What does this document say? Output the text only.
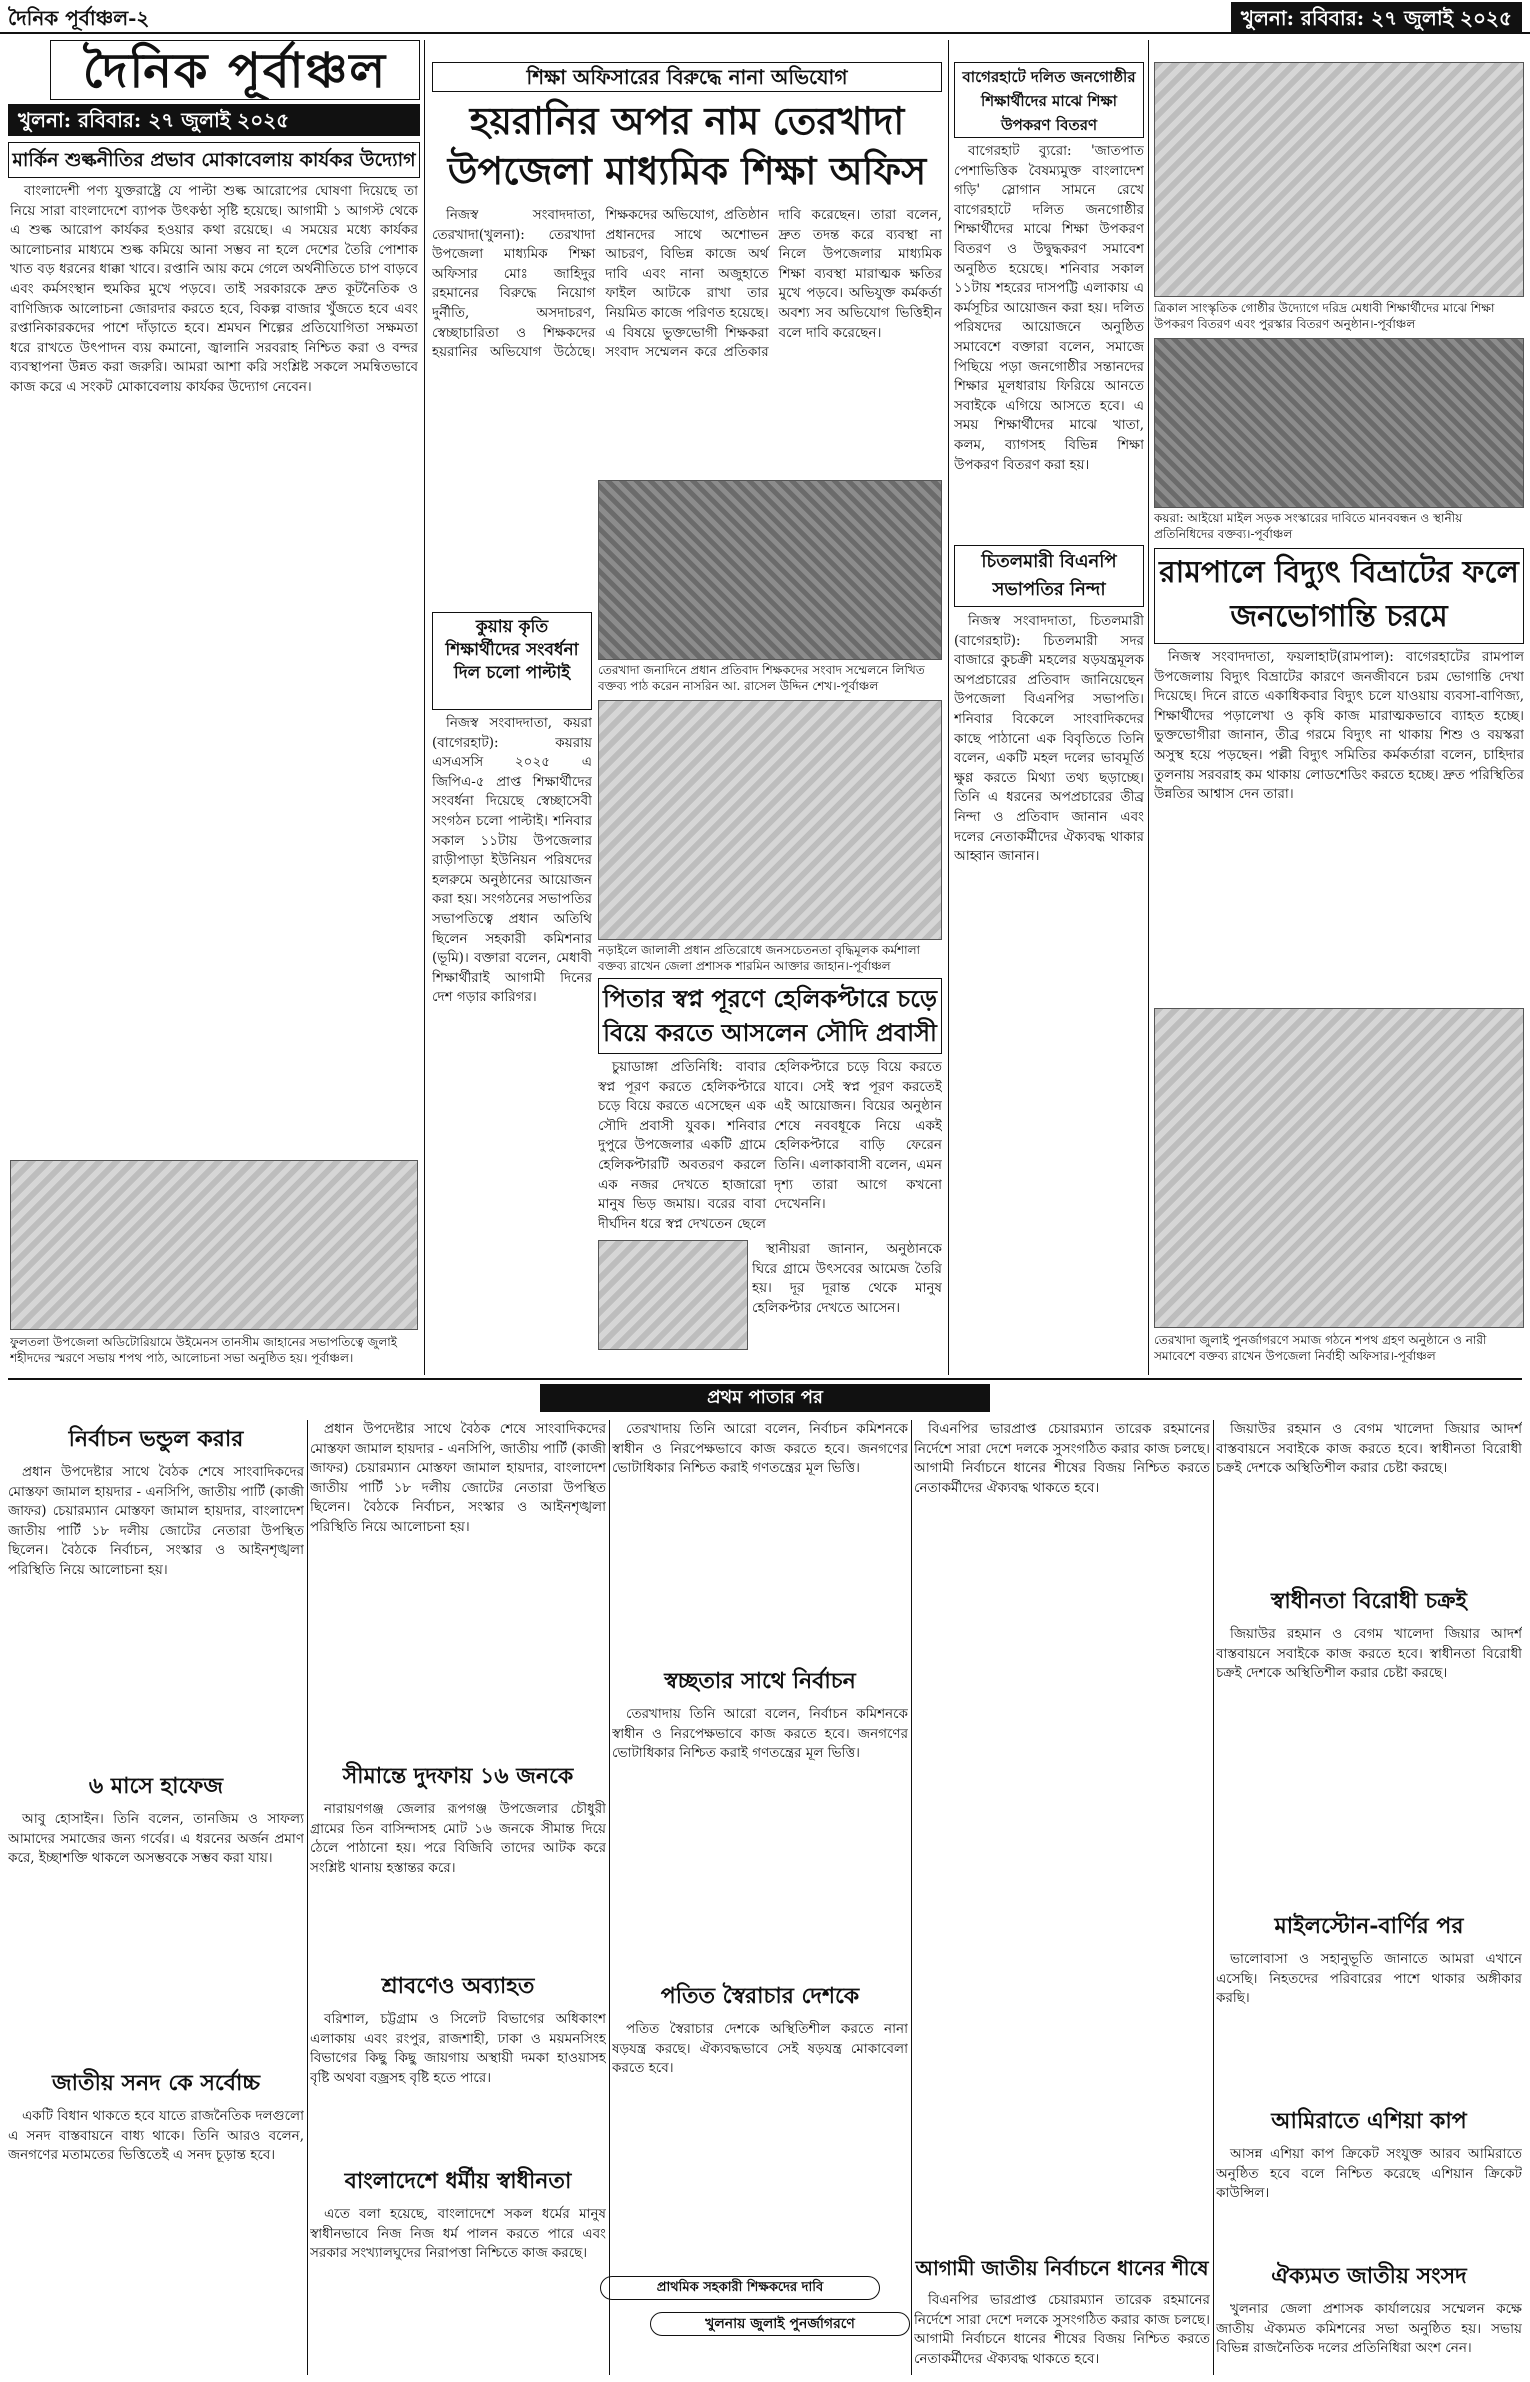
দৈনিক পূর্বাঞ্চল-২	খুলনা: রবিবার: ২৭ জুলাই ২০২৫
দৈনিক পূর্বাঞ্চল
খুলনা: রবিবার: ২৭ জুলাই ২০২৫
মার্কিন শুল্কনীতির প্রভাব মোকাবেলায় কার্যকর উদ্যোগ

বাংলাদেশী পণ্য যুক্তরাষ্ট্রে যে পাল্টা শুল্ক আরোপের ঘোষণা দিয়েছে তা নিয়ে সারা বাংলাদেশে ব্যাপক উৎকণ্ঠা সৃষ্টি হয়েছে। আগামী ১ আগস্ট থেকে এ শুল্ক আরোপ কার্যকর হওয়ার কথা রয়েছে। এ সময়ের মধ্যে কার্যকর আলোচনার মাধ্যমে শুল্ক কমিয়ে আনা সম্ভব না হলে দেশের তৈরি পোশাক খাত বড় ধরনের ধাক্কা খাবে। রপ্তানি আয় কমে গেলে অর্থনীতিতে চাপ বাড়বে এবং কর্মসংস্থান হুমকির মুখে পড়বে। তাই সরকারকে দ্রুত কূটনৈতিক ও বাণিজ্যিক আলোচনা জোরদার করতে হবে, বিকল্প বাজার খুঁজতে হবে এবং রপ্তানিকারকদের পাশে দাঁড়াতে হবে। শ্রমঘন শিল্পের প্রতিযোগিতা সক্ষমতা ধরে রাখতে উৎপাদন ব্যয় কমানো, জ্বালানি সরবরাহ নিশ্চিত করা ও বন্দর ব্যবস্থাপনা উন্নত করা জরুরি। আমরা আশা করি সংশ্লিষ্ট সকলে সমন্বিতভাবে কাজ করে এ সংকট মোকাবেলায় কার্যকর উদ্যোগ নেবেন।

ফুলতলা উপজেলা অডিটোরিয়ামে উইমেনস তানসীম জাহানের সভাপতিত্বে জুলাই শহীদদের স্মরণে সভায় শপথ পাঠ, আলোচনা সভা অনুষ্ঠিত হয়। পূর্বাঞ্চল।
শিক্ষা অফিসারের বিরুদ্ধে নানা অভিযোগ
হয়রানির অপর নাম তেরখাদা উপজেলা মাধ্যমিক শিক্ষা অফিস

নিজস্ব সংবাদদাতা, তেরখাদা(খুলনা): তেরখাদা উপজেলা মাধ্যমিক শিক্ষা অফিসার মোঃ জাহিদুর রহমানের বিরুদ্ধে নিয়োগ দুর্নীতি, অসদাচরণ, স্বেচ্ছাচারিতা ও শিক্ষকদের হয়রানির অভিযোগ উঠেছে। শিক্ষকদের অভিযোগ, প্রতিষ্ঠান প্রধানদের সাথে অশোভন আচরণ, বিভিন্ন কাজে অর্থ দাবি এবং নানা অজুহাতে ফাইল আটকে রাখা তার নিয়মিত কাজে পরিণত হয়েছে। এ বিষয়ে ভুক্তভোগী শিক্ষকরা সংবাদ সম্মেলন করে প্রতিকার দাবি করেছেন। তারা বলেন, দ্রুত তদন্ত করে ব্যবস্থা না নিলে উপজেলার মাধ্যমিক শিক্ষা ব্যবস্থা মারাত্মক ক্ষতির মুখে পড়বে। অভিযুক্ত কর্মকর্তা অবশ্য সব অভিযোগ ভিত্তিহীন বলে দাবি করেছেন।

তেরখাদা জনাদিনে প্রধান প্রতিবাদ শিক্ষকদের সংবাদ সম্মেলনে লিখিত বক্তব্য পাঠ করেন নাসরিন আ. রাসেল উদ্দিন শেখ।-পূর্বাঞ্চল
কুয়ায় কৃতি শিক্ষার্থীদের সংবর্ধনা দিল চলো পাল্টাই

নিজস্ব সংবাদদাতা, কয়রা (বাগেরহাট): কয়রায় এসএসসি ২০২৫ এ জিপিএ-৫ প্রাপ্ত শিক্ষার্থীদের সংবর্ধনা দিয়েছে স্বেচ্ছাসেবী সংগঠন চলো পাল্টাই। শনিবার সকাল ১১টায় উপজেলার রাড়ীপাড়া ইউনিয়ন পরিষদের হলরুমে অনুষ্ঠানের আয়োজন করা হয়। সংগঠনের সভাপতির সভাপতিত্বে প্রধান অতিথি ছিলেন সহকারী কমিশনার (ভূমি)। বক্তারা বলেন, মেধাবী শিক্ষার্থীরাই আগামী দিনের দেশ গড়ার কারিগর।

নড়াইলে জালালী প্রধান প্রতিরোধে জনসচেতনতা বৃদ্ধিমূলক কর্মশালা বক্তব্য রাখেন জেলা প্রশাসক শারমিন আক্তার জাহান।-পূর্বাঞ্চল
পিতার স্বপ্ন পূরণে হেলিকপ্টারে চড়ে বিয়ে করতে আসলেন সৌদি প্রবাসী

চুয়াডাঙ্গা প্রতিনিধি: বাবার স্বপ্ন পূরণ করতে হেলিকপ্টারে চড়ে বিয়ে করতে এসেছেন এক সৌদি প্রবাসী যুবক। শনিবার দুপুরে উপজেলার একটি গ্রামে হেলিকপ্টারটি অবতরণ করলে এক নজর দেখতে হাজারো মানুষ ভিড় জমায়। বরের বাবা দীর্ঘদিন ধরে স্বপ্ন দেখতেন ছেলে হেলিকপ্টারে চড়ে বিয়ে করতে যাবে। সেই স্বপ্ন পূরণ করতেই এই আয়োজন। বিয়ের অনুষ্ঠান শেষে নববধূকে নিয়ে একই হেলিকপ্টারে বাড়ি ফেরেন তিনি। এলাকাবাসী বলেন, এমন দৃশ্য তারা আগে কখনো দেখেননি।

স্থানীয়রা জানান, অনুষ্ঠানকে ঘিরে গ্রামে উৎসবের আমেজ তৈরি হয়। দূর দূরান্ত থেকে মানুষ হেলিকপ্টার দেখতে আসেন।

বাগেরহাটে দলিত জনগোষ্ঠীর শিক্ষার্থীদের মাঝে শিক্ষা উপকরণ বিতরণ

বাগেরহাট ব্যুরো: 'জাতপাত পেশাভিত্তিক বৈষম্যমুক্ত বাংলাদেশ গড়ি' স্লোগান সামনে রেখে বাগেরহাটে দলিত জনগোষ্ঠীর শিক্ষার্থীদের মাঝে শিক্ষা উপকরণ বিতরণ ও উদ্বুদ্ধকরণ সমাবেশ অনুষ্ঠিত হয়েছে। শনিবার সকাল ১১টায় শহরের দাসপট্টি এলাকায় এ কর্মসূচির আয়োজন করা হয়। দলিত পরিষদের আয়োজনে অনুষ্ঠিত সমাবেশে বক্তারা বলেন, সমাজে পিছিয়ে পড়া জনগোষ্ঠীর সন্তানদের শিক্ষার মূলধারায় ফিরিয়ে আনতে সবাইকে এগিয়ে আসতে হবে। এ সময় শিক্ষার্থীদের মাঝে খাতা, কলম, ব্যাগসহ বিভিন্ন শিক্ষা উপকরণ বিতরণ করা হয়।

চিতলমারী বিএনপি সভাপতির নিন্দা

নিজস্ব সংবাদদাতা, চিতলমারী (বাগেরহাট): চিতলমারী সদর বাজারে কুচক্রী মহলের ষড়যন্ত্রমূলক অপপ্রচারের প্রতিবাদ জানিয়েছেন উপজেলা বিএনপির সভাপতি। শনিবার বিকেলে সাংবাদিকদের কাছে পাঠানো এক বিবৃতিতে তিনি বলেন, একটি মহল দলের ভাবমূর্তি ক্ষুণ্ণ করতে মিথ্যা তথ্য ছড়াচ্ছে। তিনি এ ধরনের অপপ্রচারের তীব্র নিন্দা ও প্রতিবাদ জানান এবং দলের নেতাকর্মীদের ঐক্যবদ্ধ থাকার আহ্বান জানান।

ত্রিকাল সাংস্কৃতিক গোষ্ঠীর উদ্যোগে দরিদ্র মেধাবী শিক্ষার্থীদের মাঝে শিক্ষা উপকরণ বিতরণ এবং পুরস্কার বিতরণ অনুষ্ঠান।-পূর্বাঞ্চল
কয়রা: আইয়ো মাইল সড়ক সংস্কারের দাবিতে মানববন্ধন ও স্থানীয় প্রতিনিধিদের বক্তব্য।-পূর্বাঞ্চল
রামপালে বিদ্যুৎ বিভ্রাটের ফলে জনভোগান্তি চরমে

নিজস্ব সংবাদদাতা, ফয়লাহাট(রামপাল): বাগেরহাটের রামপাল উপজেলায় বিদ্যুৎ বিভ্রাটের কারণে জনজীবনে চরম ভোগান্তি দেখা দিয়েছে। দিনে রাতে একাধিকবার বিদ্যুৎ চলে যাওয়ায় ব্যবসা-বাণিজ্য, শিক্ষার্থীদের পড়ালেখা ও কৃষি কাজ মারাত্মকভাবে ব্যাহত হচ্ছে। ভুক্তভোগীরা জানান, তীব্র গরমে বিদ্যুৎ না থাকায় শিশু ও বয়স্করা অসুস্থ হয়ে পড়ছেন। পল্লী বিদ্যুৎ সমিতির কর্মকর্তারা বলেন, চাহিদার তুলনায় সরবরাহ কম থাকায় লোডশেডিং করতে হচ্ছে। দ্রুত পরিস্থিতির উন্নতির আশ্বাস দেন তারা।

তেরখাদা জুলাই পুনর্জাগরণে সমাজ গঠনে শপথ গ্রহণ অনুষ্ঠানে ও নারী সমাবেশে বক্তব্য রাখেন উপজেলা নির্বাহী অফিসার।-পূর্বাঞ্চল
প্রথম পাতার পর
নির্বাচন ভন্ডুল করার

প্রধান উপদেষ্টার সাথে বৈঠক শেষে সাংবাদিকদের মোস্তফা জামাল হায়দার - এনসিপি, জাতীয় পার্টি (কাজী জাফর) চেয়ারম্যান মোস্তফা জামাল হায়দার, বাংলাদেশ জাতীয় পার্টি ১৮ দলীয় জোটের নেতারা উপস্থিত ছিলেন। বৈঠকে নির্বাচন, সংস্কার ও আইনশৃঙ্খলা পরিস্থিতি নিয়ে আলোচনা হয়।

৬ মাসে হাফেজ

আবু হোসাইন। তিনি বলেন, তানজিম ও সাফল্য আমাদের সমাজের জন্য গর্বের। এ ধরনের অর্জন প্রমাণ করে, ইচ্ছাশক্তি থাকলে অসম্ভবকে সম্ভব করা যায়।

জাতীয় সনদ কে সর্বোচ্চ

একটি বিধান থাকতে হবে যাতে রাজনৈতিক দলগুলো এ সনদ বাস্তবায়নে বাধ্য থাকে। তিনি আরও বলেন, জনগণের মতামতের ভিত্তিতেই এ সনদ চূড়ান্ত হবে।

প্রধান উপদেষ্টার সাথে বৈঠক শেষে সাংবাদিকদের মোস্তফা জামাল হায়দার - এনসিপি, জাতীয় পার্টি (কাজী জাফর) চেয়ারম্যান মোস্তফা জামাল হায়দার, বাংলাদেশ জাতীয় পার্টি ১৮ দলীয় জোটের নেতারা উপস্থিত ছিলেন। বৈঠকে নির্বাচন, সংস্কার ও আইনশৃঙ্খলা পরিস্থিতি নিয়ে আলোচনা হয়।

সীমান্তে দুদফায় ১৬ জনকে

নারায়ণগঞ্জ জেলার রূপগঞ্জ উপজেলার চৌধুরী গ্রামের তিন বাসিন্দাসহ মোট ১৬ জনকে সীমান্ত দিয়ে ঠেলে পাঠানো হয়। পরে বিজিবি তাদের আটক করে সংশ্লিষ্ট থানায় হস্তান্তর করে।

শ্রাবণেও অব্যাহত

বরিশাল, চট্টগ্রাম ও সিলেট বিভাগের অধিকাংশ এলাকায় এবং রংপুর, রাজশাহী, ঢাকা ও ময়মনসিংহ বিভাগের কিছু কিছু জায়গায় অস্থায়ী দমকা হাওয়াসহ বৃষ্টি অথবা বজ্রসহ বৃষ্টি হতে পারে।

বাংলাদেশে ধর্মীয় স্বাধীনতা

এতে বলা হয়েছে, বাংলাদেশে সকল ধর্মের মানুষ স্বাধীনভাবে নিজ নিজ ধর্ম পালন করতে পারে এবং সরকার সংখ্যালঘুদের নিরাপত্তা নিশ্চিতে কাজ করছে।

প্রাথমিক সহকারী শিক্ষকদের দাবি

তেরখাদায় তিনি আরো বলেন, নির্বাচন কমিশনকে স্বাধীন ও নিরপেক্ষভাবে কাজ করতে হবে। জনগণের ভোটাধিকার নিশ্চিত করাই গণতন্ত্রের মূল ভিত্তি।

স্বচ্ছতার সাথে নির্বাচন

তেরখাদায় তিনি আরো বলেন, নির্বাচন কমিশনকে স্বাধীন ও নিরপেক্ষভাবে কাজ করতে হবে। জনগণের ভোটাধিকার নিশ্চিত করাই গণতন্ত্রের মূল ভিত্তি।

পতিত স্বৈরাচার দেশকে

পতিত স্বৈরাচার দেশকে অস্থিতিশীল করতে নানা ষড়যন্ত্র করছে। ঐক্যবদ্ধভাবে সেই ষড়যন্ত্র মোকাবেলা করতে হবে।

খুলনায় জুলাই পুনর্জাগরণে

বিএনপির ভারপ্রাপ্ত চেয়ারম্যান তারেক রহমানের নির্দেশে সারা দেশে দলকে সুসংগঠিত করার কাজ চলছে। আগামী নির্বাচনে ধানের শীষের বিজয় নিশ্চিত করতে নেতাকর্মীদের ঐক্যবদ্ধ থাকতে হবে।

আগামী জাতীয় নির্বাচনে ধানের শীষে

বিএনপির ভারপ্রাপ্ত চেয়ারম্যান তারেক রহমানের নির্দেশে সারা দেশে দলকে সুসংগঠিত করার কাজ চলছে। আগামী নির্বাচনে ধানের শীষের বিজয় নিশ্চিত করতে নেতাকর্মীদের ঐক্যবদ্ধ থাকতে হবে।

জিয়াউর রহমান ও বেগম খালেদা জিয়ার আদর্শ বাস্তবায়নে সবাইকে কাজ করতে হবে। স্বাধীনতা বিরোধী চক্রই দেশকে অস্থিতিশীল করার চেষ্টা করছে।

স্বাধীনতা বিরোধী চক্রই

জিয়াউর রহমান ও বেগম খালেদা জিয়ার আদর্শ বাস্তবায়নে সবাইকে কাজ করতে হবে। স্বাধীনতা বিরোধী চক্রই দেশকে অস্থিতিশীল করার চেষ্টা করছে।

মাইলস্টোন-বার্ণির পর

ভালোবাসা ও সহানুভূতি জানাতে আমরা এখানে এসেছি। নিহতদের পরিবারের পাশে থাকার অঙ্গীকার করছি।

আমিরাতে এশিয়া কাপ

আসন্ন এশিয়া কাপ ক্রিকেট সংযুক্ত আরব আমিরাতে অনুষ্ঠিত হবে বলে নিশ্চিত করেছে এশিয়ান ক্রিকেট কাউন্সিল।

ঐক্যমত জাতীয় সংসদ

খুলনার জেলা প্রশাসক কার্যালয়ের সম্মেলন কক্ষে জাতীয় ঐক্যমত কমিশনের সভা অনুষ্ঠিত হয়। সভায় বিভিন্ন রাজনৈতিক দলের প্রতিনিধিরা অংশ নেন।
